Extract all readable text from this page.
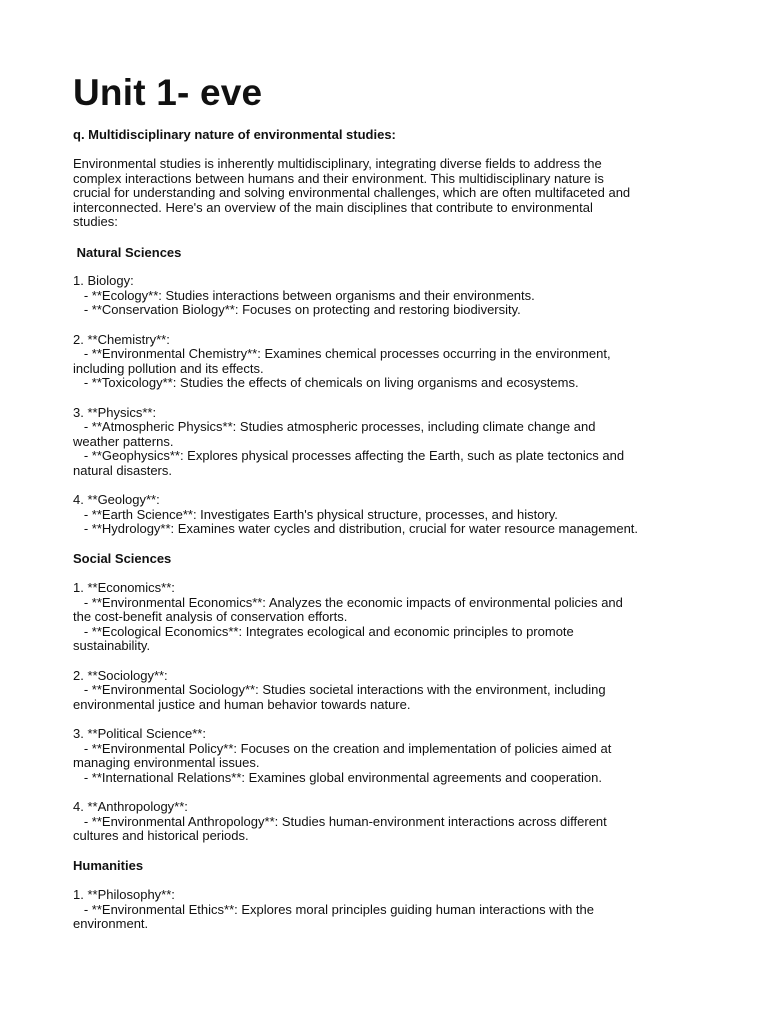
Unit 1- eve

q. Multidisciplinary nature of environmental studies:

Environmental studies is inherently multidisciplinary, integrating diverse fields to address the
complex interactions between humans and their environment. This multidisciplinary nature is
crucial for understanding and solving environmental challenges, which are often multifaceted and
interconnected. Here's an overview of the main disciplines that contribute to environmental
studies:
Natural Sciences
1. Biology:
- **Ecology**: Studies interactions between organisms and their environments.
- **Conservation Biology**: Focuses on protecting and restoring biodiversity.
2. **Chemistry**:
- **Environmental Chemistry**: Examines chemical processes occurring in the environment,
including pollution and its effects.
- **Toxicology**: Studies the effects of chemicals on living organisms and ecosystems.
3. **Physics**:
- **Atmospheric Physics**: Studies atmospheric processes, including climate change and
weather patterns.
- **Geophysics**: Explores physical processes affecting the Earth, such as plate tectonics and
natural disasters.
4. **Geology**:
- **Earth Science**: Investigates Earth's physical structure, processes, and history.
- **Hydrology**: Examines water cycles and distribution, crucial for water resource management.
Social Sciences
1. **Economics**:
- **Environmental Economics**: Analyzes the economic impacts of environmental policies and
the cost-benefit analysis of conservation efforts.
- **Ecological Economics**: Integrates ecological and economic principles to promote
sustainability.
2. **Sociology**:
- **Environmental Sociology**: Studies societal interactions with the environment, including
environmental justice and human behavior towards nature.
3. **Political Science**:
- **Environmental Policy**: Focuses on the creation and implementation of policies aimed at
managing environmental issues.
- **International Relations**: Examines global environmental agreements and cooperation.
4. **Anthropology**:
- **Environmental Anthropology**: Studies human-environment interactions across different
cultures and historical periods.
Humanities
1. **Philosophy**:
- **Environmental Ethics**: Explores moral principles guiding human interactions with the
environment.
